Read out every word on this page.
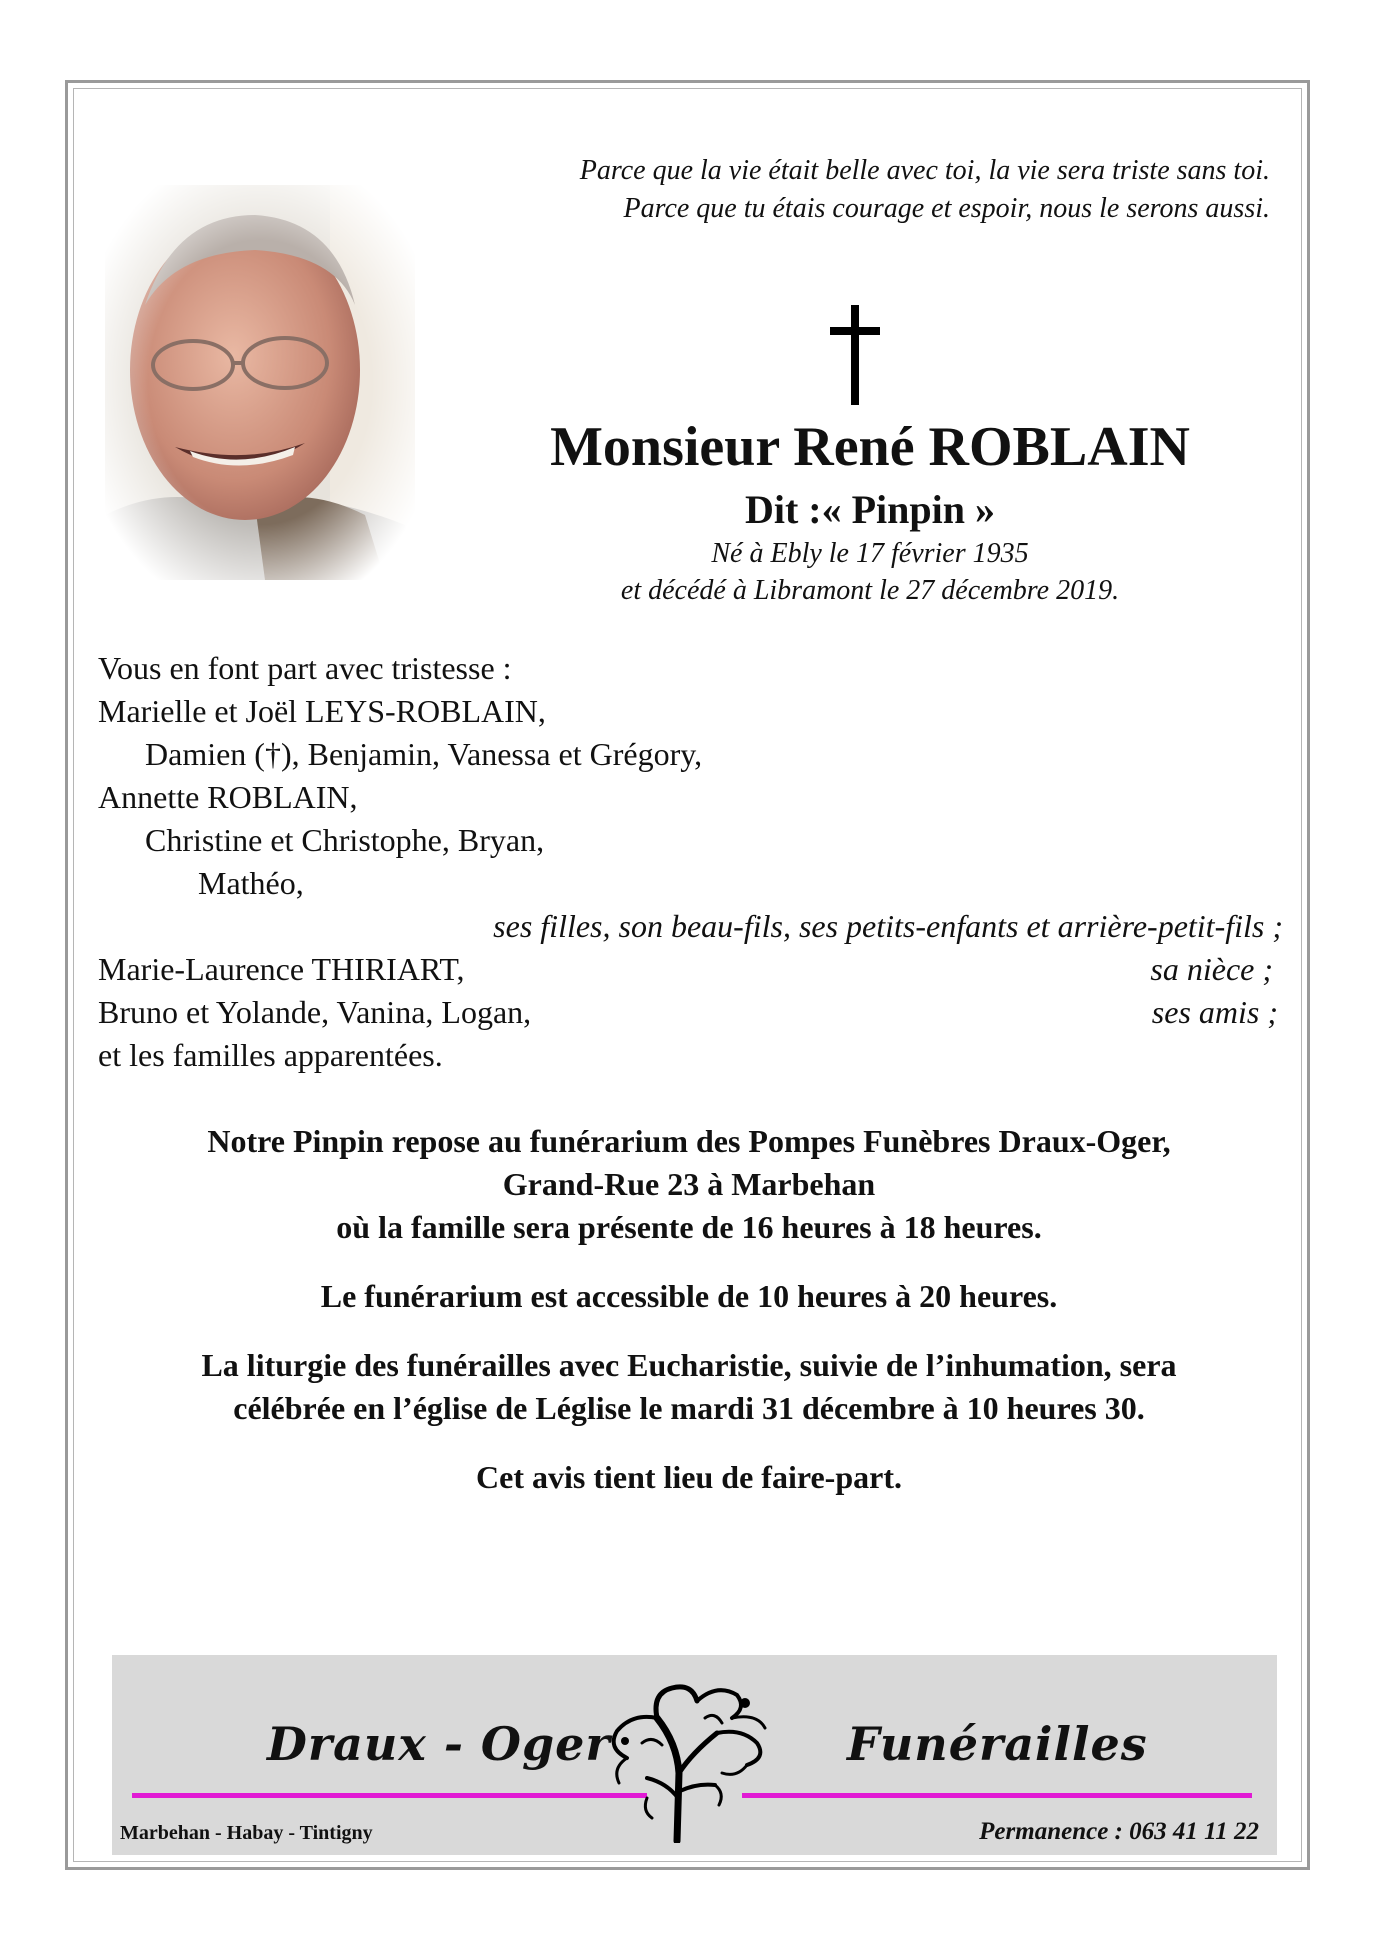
Parce que la vie était belle avec toi, la vie sera triste sans toi.
Parce que tu étais courage et espoir, nous le serons aussi.
Monsieur René ROBLAIN
Dit :« Pinpin »
Né à Ebly le 17 février 1935
et décédé à Libramont le 27 décembre 2019.
Vous en font part avec tristesse :
Marielle et Joël LEYS-ROBLAIN,
Damien (†), Benjamin, Vanessa et Grégory,
Annette ROBLAIN,
Christine et Christophe, Bryan,
Mathéo,
ses filles, son beau-fils, ses petits-enfants et arrière-petit-fils ;
Marie-Laurence THIRIART,	sa nièce ;
Bruno et Yolande, Vanina, Logan,	ses amis ;
et les familles apparentées.
Notre Pinpin repose au funérarium des Pompes Funèbres Draux-Oger,
Grand-Rue 23 à Marbehan
où la famille sera présente de 16 heures à 18 heures.
Le funérarium est accessible de 10 heures à 20 heures.
La liturgie des funérailles avec Eucharistie, suivie de l’inhumation, sera
célébrée en l’église de Léglise le mardi 31 décembre à 10 heures 30.
Cet avis tient lieu de faire-part.
Draux - Oger	Funérailles
Marbehan - Habay - Tintigny	Permanence : 063 41 11 22
